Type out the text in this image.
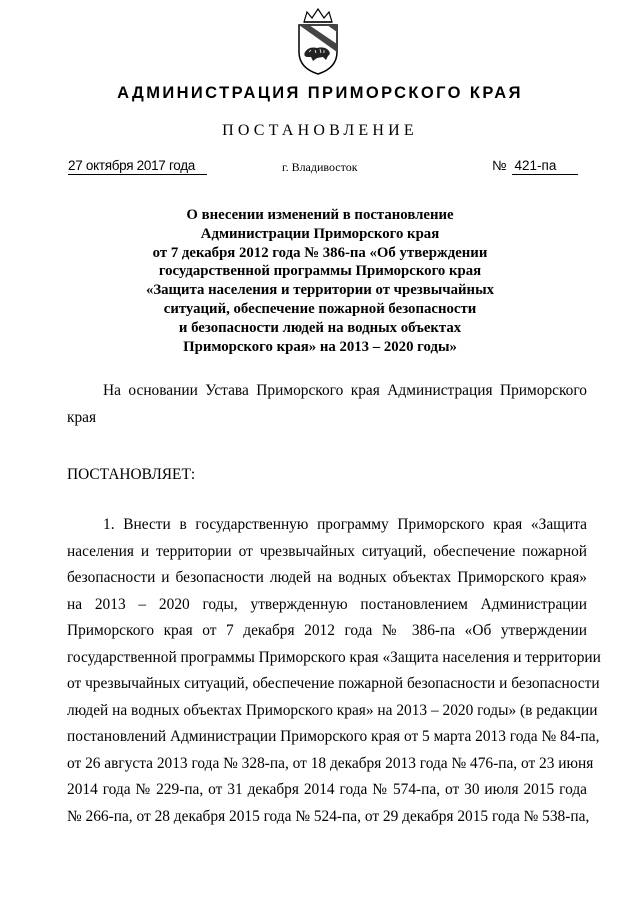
АДМИНИСТРАЦИЯ ПРИМОРСКОГО КРАЯ
ПОСТАНОВЛЕНИЕ
27 октября 2017 года	г. Владивосток	№ 421-па
О внесении изменений в постановление
Администрации Приморского края
от 7 декабря 2012 года № 386-па «Об утверждении
государственной программы Приморского края
«Защита населения и территории от чрезвычайных
ситуаций, обеспечение пожарной безопасности
и безопасности людей на водных объектах
Приморского края» на 2013 – 2020 годы»
На основании Устава Приморского края Администрация Приморского
края
ПОСТАНОВЛЯЕТ:
1. Внести в государственную программу Приморского края «Защита
населения и территории от чрезвычайных ситуаций, обеспечение пожарной
безопасности и безопасности людей на водных объектах Приморского края»
на 2013 – 2020 годы, утвержденную постановлением Администрации
Приморского края от 7 декабря 2012 года № 386-па «Об утверждении
государственной программы Приморского края «Защита населения и территории
от чрезвычайных ситуаций, обеспечение пожарной безопасности и безопасности
людей на водных объектах Приморского края» на 2013 – 2020 годы» (в редакции
постановлений Администрации Приморского края от 5 марта 2013 года № 84-па,
от 26 августа 2013 года № 328-па, от 18 декабря 2013 года № 476-па, от 23 июня
2014 года № 229-па, от 31 декабря 2014 года № 574-па, от 30 июля 2015 года
№ 266-па, от 28 декабря 2015 года № 524-па, от 29 декабря 2015 года № 538-па,
